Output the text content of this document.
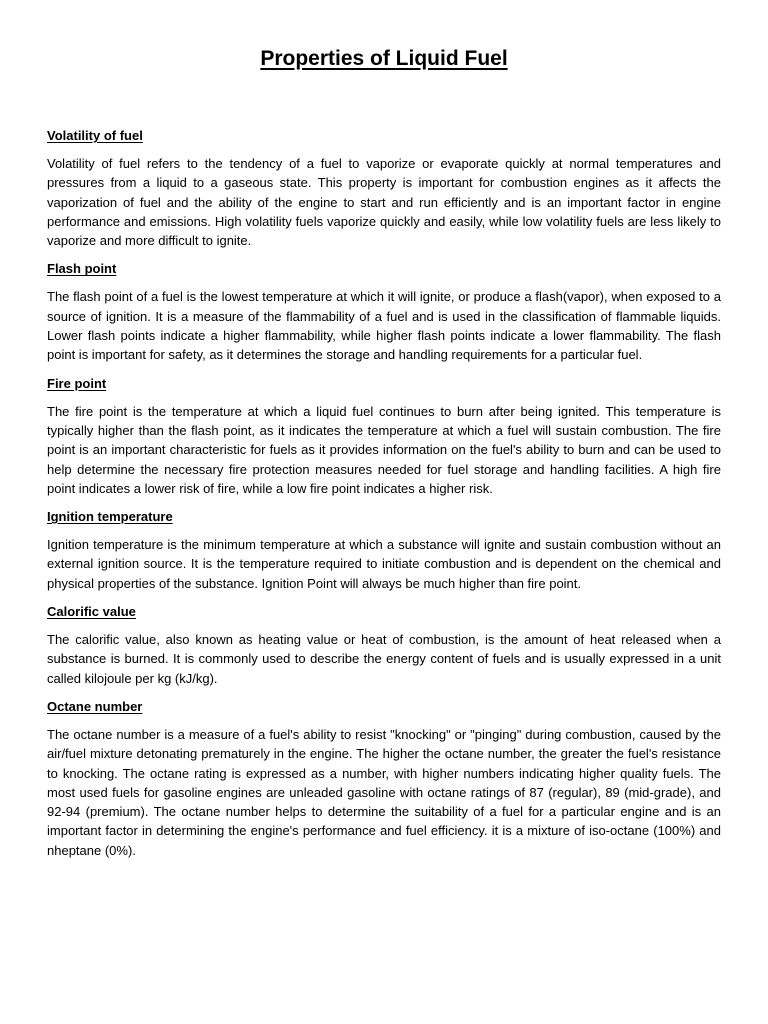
Properties of Liquid Fuel

Volatility of fuel

Volatility of fuel refers to the tendency of a fuel to vaporize or evaporate quickly at normal temperatures and pressures from a liquid to a gaseous state. This property is important for combustion engines as it affects the vaporization of fuel and the ability of the engine to start and run efficiently and is an important factor in engine performance and emissions. High volatility fuels vaporize quickly and easily, while low volatility fuels are less likely to vaporize and more difficult to ignite.

Flash point

The flash point of a fuel is the lowest temperature at which it will ignite, or produce a flash(vapor), when exposed to a source of ignition. It is a measure of the flammability of a fuel and is used in the classification of flammable liquids. Lower flash points indicate a higher flammability, while higher flash points indicate a lower flammability. The flash point is important for safety, as it determines the storage and handling requirements for a particular fuel.

Fire point

The fire point is the temperature at which a liquid fuel continues to burn after being ignited. This temperature is typically higher than the flash point, as it indicates the temperature at which a fuel will sustain combustion. The fire point is an important characteristic for fuels as it provides information on the fuel's ability to burn and can be used to help determine the necessary fire protection measures needed for fuel storage and handling facilities. A high fire point indicates a lower risk of fire, while a low fire point indicates a higher risk.

Ignition temperature

Ignition temperature is the minimum temperature at which a substance will ignite and sustain combustion without an external ignition source. It is the temperature required to initiate combustion and is dependent on the chemical and physical properties of the substance. Ignition Point will always be much higher than fire point.

Calorific value

The calorific value, also known as heating value or heat of combustion, is the amount of heat released when a substance is burned. It is commonly used to describe the energy content of fuels and is usually expressed in a unit called kilojoule per kg (kJ/kg).

Octane number

The octane number is a measure of a fuel's ability to resist "knocking" or "pinging" during combustion, caused by the air/fuel mixture detonating prematurely in the engine. The higher the octane number, the greater the fuel's resistance to knocking. The octane rating is expressed as a number, with higher numbers indicating higher quality fuels. The most used fuels for gasoline engines are unleaded gasoline with octane ratings of 87 (regular), 89 (mid-grade), and 92-94 (premium). The octane number helps to determine the suitability of a fuel for a particular engine and is an important factor in determining the engine's performance and fuel efficiency. it is a mixture of iso-octane (100%) and nheptane (0%).
